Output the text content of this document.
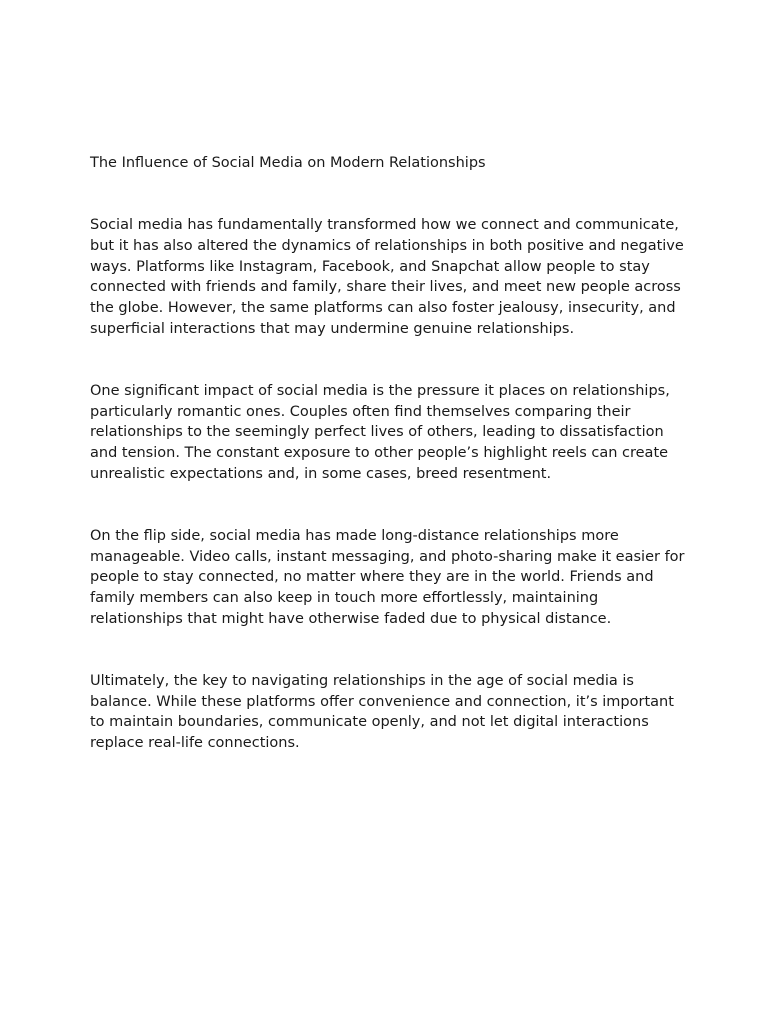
The Influence of Social Media on Modern Relationships

Social media has fundamentally transformed how we connect and communicate, but it has also altered the dynamics of relationships in both positive and negative ways. Platforms like Instagram, Facebook, and Snapchat allow people to stay connected with friends and family, share their lives, and meet new people across the globe. However, the same platforms can also foster jealousy, insecurity, and superficial interactions that may undermine genuine relationships.

One significant impact of social media is the pressure it places on relationships, particularly romantic ones. Couples often find themselves comparing their relationships to the seemingly perfect lives of others, leading to dissatisfaction and tension. The constant exposure to other people’s highlight reels can create unrealistic expectations and, in some cases, breed resentment.

On the flip side, social media has made long-distance relationships more manageable. Video calls, instant messaging, and photo-sharing make it easier for people to stay connected, no matter where they are in the world. Friends and family members can also keep in touch more effortlessly, maintaining relationships that might have otherwise faded due to physical distance.

Ultimately, the key to navigating relationships in the age of social media is balance. While these platforms offer convenience and connection, it’s important to maintain boundaries, communicate openly, and not let digital interactions replace real-life connections.
